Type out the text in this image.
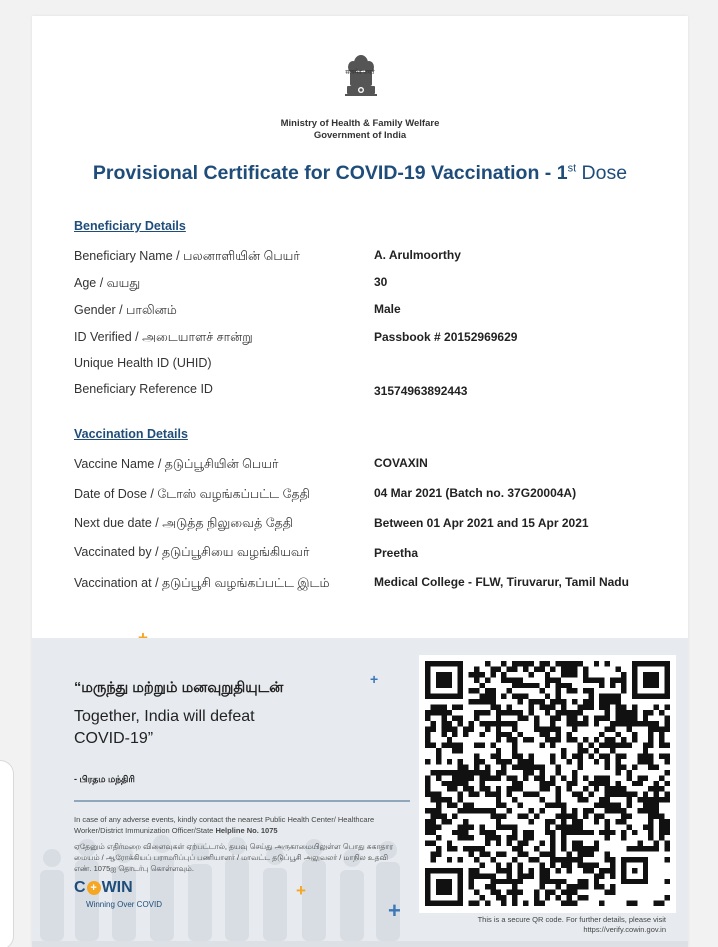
सत्यमेव जयते
Ministry of Health & Family Welfare
Government of India
Provisional Certificate for COVID-19 Vaccination - 1st Dose
Beneficiary Details
Beneficiary Name / பலனாளியின் பெயர்	A. Arulmoorthy
Age / வயது	30
Gender / பாலினம்	Male
ID Verified / அடையாளச் சான்று	Passbook # 20152969629
Unique Health ID (UHID)
Beneficiary Reference ID	31574963892443
Vaccination Details
Vaccine Name / தடுப்பூசியின் பெயர்	COVAXIN
Date of Dose / டோஸ் வழங்கப்பட்ட தேதி	04 Mar 2021 (Batch no. 37G20004A)
Next due date / அடுத்த நிலுவைத் தேதி	Between 01 Apr 2021 and 15 Apr 2021
Vaccinated by / தடுப்பூசியை வழங்கியவர்	Preetha
Vaccination at / தடுப்பூசி வழங்கப்பட்ட இடம்	Medical College - FLW, Tiruvarur, Tamil Nadu
+
“மருந்து மற்றும் மனவுறுதியுடன்
Together, India will defeat
COVID-19”
- பிரதம மந்திரி
In case of any adverse events, kindly contact the nearest Public Health Center/ Healthcare Worker/District Immunization Officer/State Helpline No. 1075
ஏதேனும் எதிர்மறை விளைவுகள் ஏற்பட்டால், தயவு செய்து அருகாமையிலுள்ள பொது சுகாதார மையம் / ஆரோக்கியப் பராமரிப்புப் பணியாளர் / மாவட்ட தடுப்பூசி அலுவலர் / மாநில உதவி எண். 1075ஐ தொடர்பு கொள்ளவும்.
+
+
C + WIN
Winning Over COVID
This is a secure QR code. For further details, please visit
https://verify.cowin.gov.in
